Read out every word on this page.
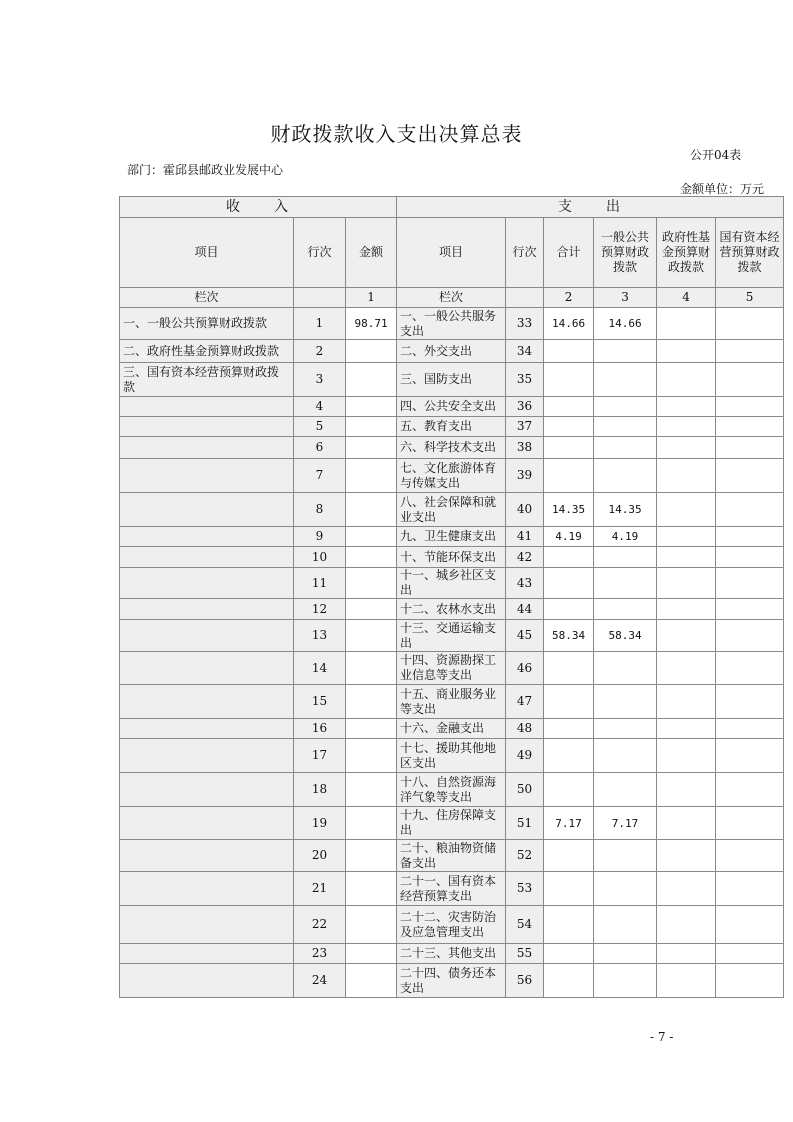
财政拨款收入支出决算总表
公开04表
部门：霍邱县邮政业发展中心
金额单位：万元
收　　入			支　　出					
项目	行次	金额	项目	行次	合计	一般公共预算财政拨款	政府性基金预算财政拨款	国有资本经营预算财政拨款
栏次		1	栏次		2	3	4	5
一、一般公共预算财政拨款	1	98.71	一、一般公共服务支出	33	14.66	14.66		
二、政府性基金预算财政拨款	2		二、外交支出	34				
三、国有资本经营预算财政拨款	3		三、国防支出	35				
	4		四、公共安全支出	36				
	5		五、教育支出	37				
	6		六、科学技术支出	38				
	7		七、文化旅游体育与传媒支出	39				
	8		八、社会保障和就业支出	40	14.35	14.35		
	9		九、卫生健康支出	41	4.19	4.19		
	10		十、节能环保支出	42				
	11		十一、城乡社区支出	43				
	12		十二、农林水支出	44				
	13		十三、交通运输支出	45	58.34	58.34		
	14		十四、资源勘探工业信息等支出	46				
	15		十五、商业服务业等支出	47				
	16		十六、金融支出	48				
	17		十七、援助其他地区支出	49				
	18		十八、自然资源海洋气象等支出	50				
	19		十九、住房保障支出	51	7.17	7.17		
	20		二十、粮油物资储备支出	52				
	21		二十一、国有资本经营预算支出	53				
	22		二十二、灾害防治及应急管理支出	54				
	23		二十三、其他支出	55				
	24		二十四、债务还本支出	56				
- 7 -
